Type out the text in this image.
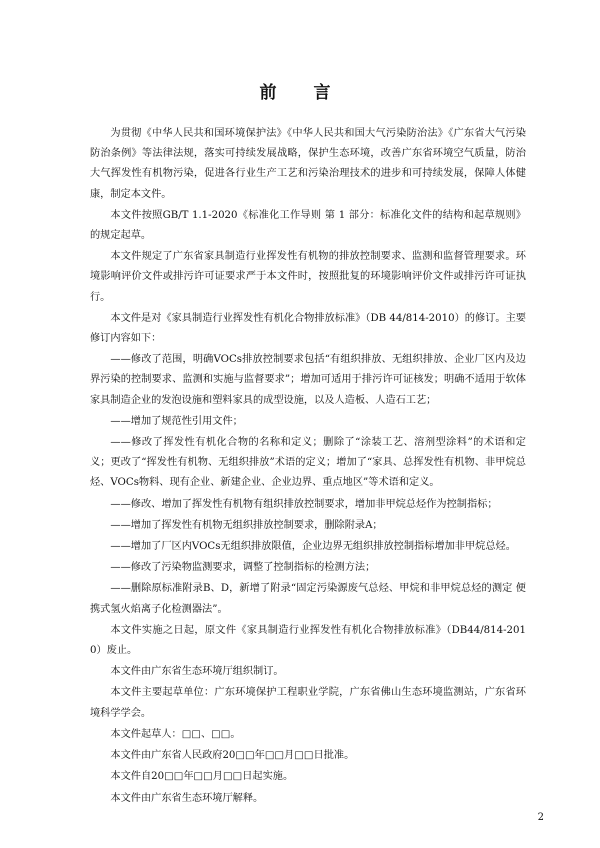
前　言

为贯彻《中华人民共和国环境保护法》《中华人民共和国大气污染防治法》《广东省大气污染防治条例》等法律法规，落实可持续发展战略，保护生态环境，改善广东省环境空气质量，防治大气挥发性有机物污染，促进各行业生产工艺和污染治理技术的进步和可持续发展，保障人体健康，制定本文件。

本文件按照GB/T 1.1-2020《标准化工作导则 第 1 部分：标准化文件的结构和起草规则》的规定起草。

本文件规定了广东省家具制造行业挥发性有机物的排放控制要求、监测和监督管理要求。环境影响评价文件或排污许可证要求严于本文件时，按照批复的环境影响评价文件或排污许可证执行。

本文件是对《家具制造行业挥发性有机化合物排放标准》（DB 44/814-2010）的修订。主要修订内容如下：

——修改了范围，明确VOCs排放控制要求包括“有组织排放、无组织排放、企业厂区内及边界污染的控制要求、监测和实施与监督要求”；增加可适用于排污许可证核发；明确不适用于软体家具制造企业的发泡设施和塑料家具的成型设施，以及人造板、人造石工艺；

——增加了规范性引用文件；

——修改了挥发性有机化合物的名称和定义；删除了“涂装工艺、溶剂型涂料”的术语和定义；更改了“挥发性有机物、无组织排放”术语的定义；增加了“家具、总挥发性有机物、非甲烷总烃、VOCs物料、现有企业、新建企业、企业边界、重点地区”等术语和定义。

——修改、增加了挥发性有机物有组织排放控制要求，增加非甲烷总烃作为控制指标；

——增加了挥发性有机物无组织排放控制要求，删除附录A；

——增加了厂区内VOCs无组织排放限值，企业边界无组织排放控制指标增加非甲烷总烃。

——修改了污染物监测要求，调整了控制指标的检测方法；

——删除原标准附录B、D，新增了附录“固定污染源废气总烃、甲烷和非甲烷总烃的测定 便携式氢火焰离子化检测器法”。

本文件实施之日起，原文件《家具制造行业挥发性有机化合物排放标准》（DB44/814-2010）废止。

本文件由广东省生态环境厅组织制订。

本文件主要起草单位：广东环境保护工程职业学院，广东省佛山生态环境监测站，广东省环境科学学会。

本文件起草人：□□、□□。

本文件由广东省人民政府20□□年□□月□□日批准。

本文件自20□□年□□月□□日起实施。

本文件由广东省生态环境厅解释。

2
